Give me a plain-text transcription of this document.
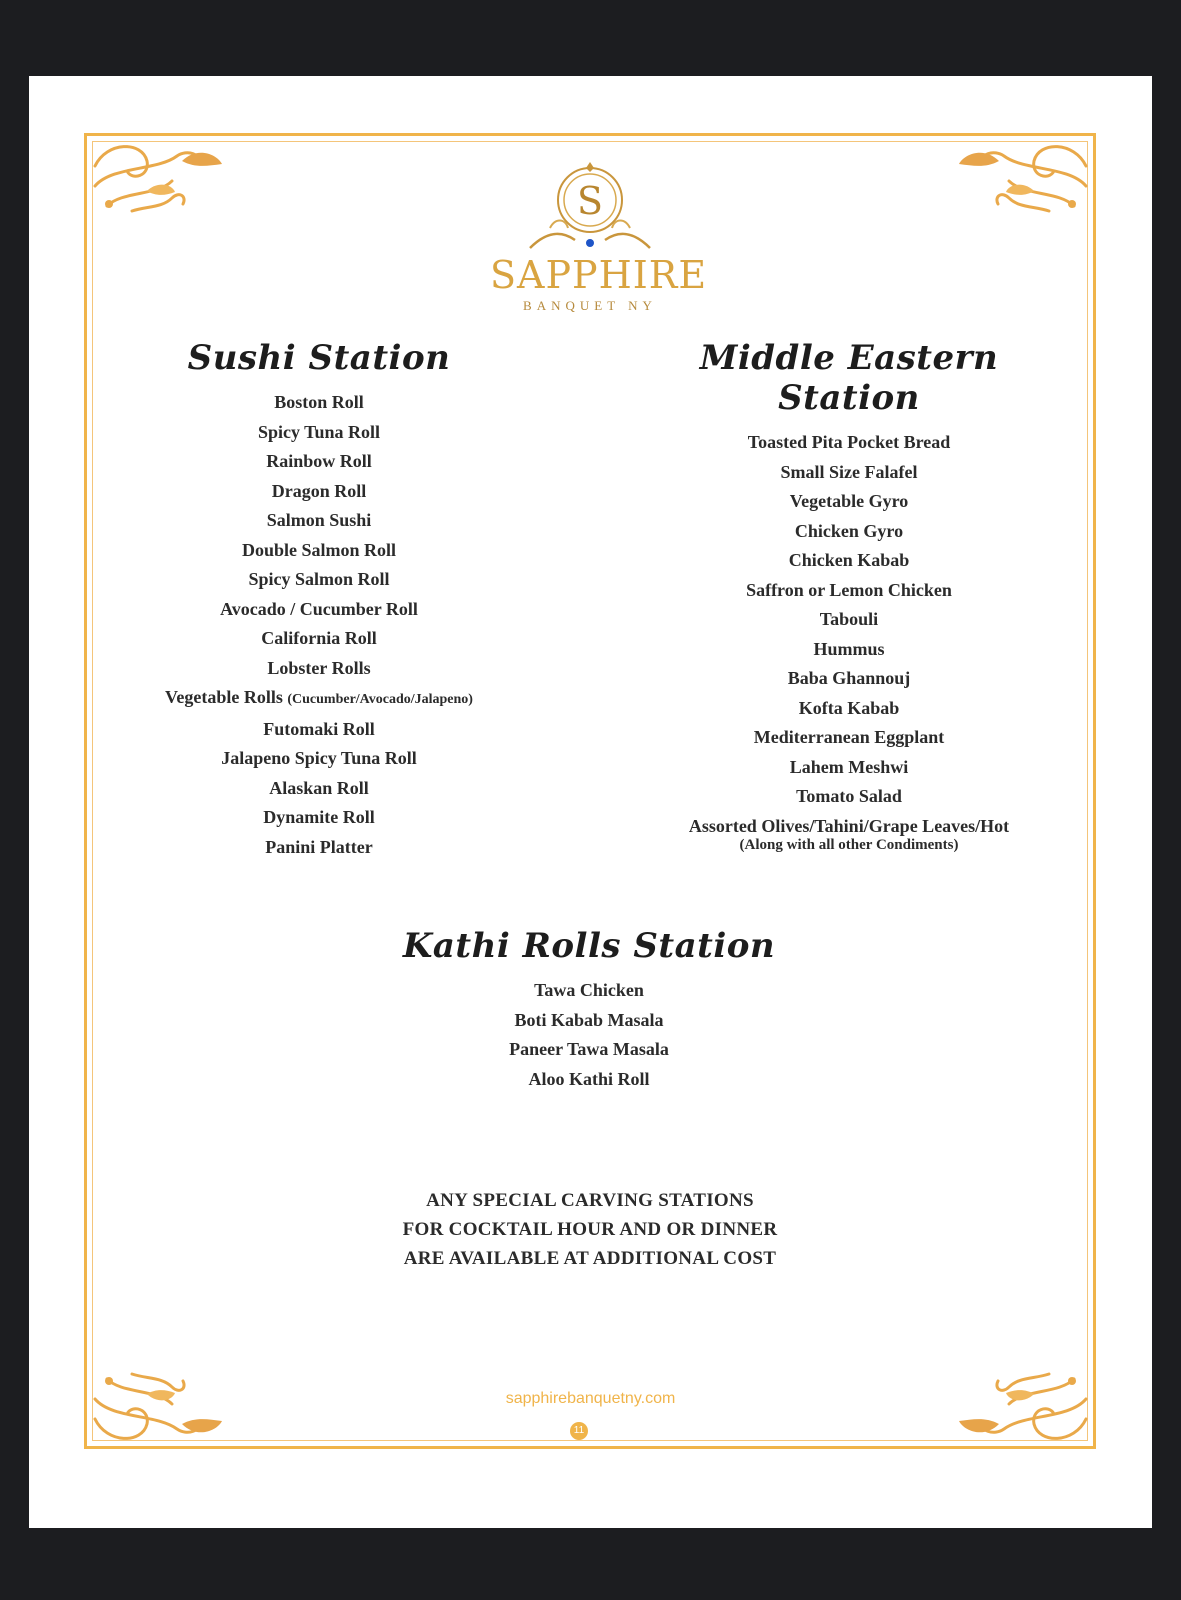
S
SAPPHIRE
BANQUET NY
Sushi Station
Boston Roll
Spicy Tuna Roll
Rainbow Roll
Dragon Roll
Salmon Sushi
Double Salmon Roll
Spicy Salmon Roll
Avocado / Cucumber Roll
California Roll
Lobster Rolls
Vegetable Rolls (Cucumber/Avocado/Jalapeno)
Futomaki Roll
Jalapeno Spicy Tuna Roll
Alaskan Roll
Dynamite Roll
Panini Platter
Middle Eastern Station
Toasted Pita Pocket Bread
Small Size Falafel
Vegetable Gyro
Chicken Gyro
Chicken Kabab
Saffron or Lemon Chicken
Tabouli
Hummus
Baba Ghannouj
Kofta Kabab
Mediterranean Eggplant
Lahem Meshwi
Tomato Salad
Assorted Olives/Tahini/Grape Leaves/Hot
(Along with all other Condiments)
Kathi Rolls Station
Tawa Chicken
Boti Kabab Masala
Paneer Tawa Masala
Aloo Kathi Roll
ANY SPECIAL CARVING STATIONS
FOR COCKTAIL HOUR AND OR DINNER
ARE AVAILABLE AT ADDITIONAL COST
sapphirebanquetny.com
11
